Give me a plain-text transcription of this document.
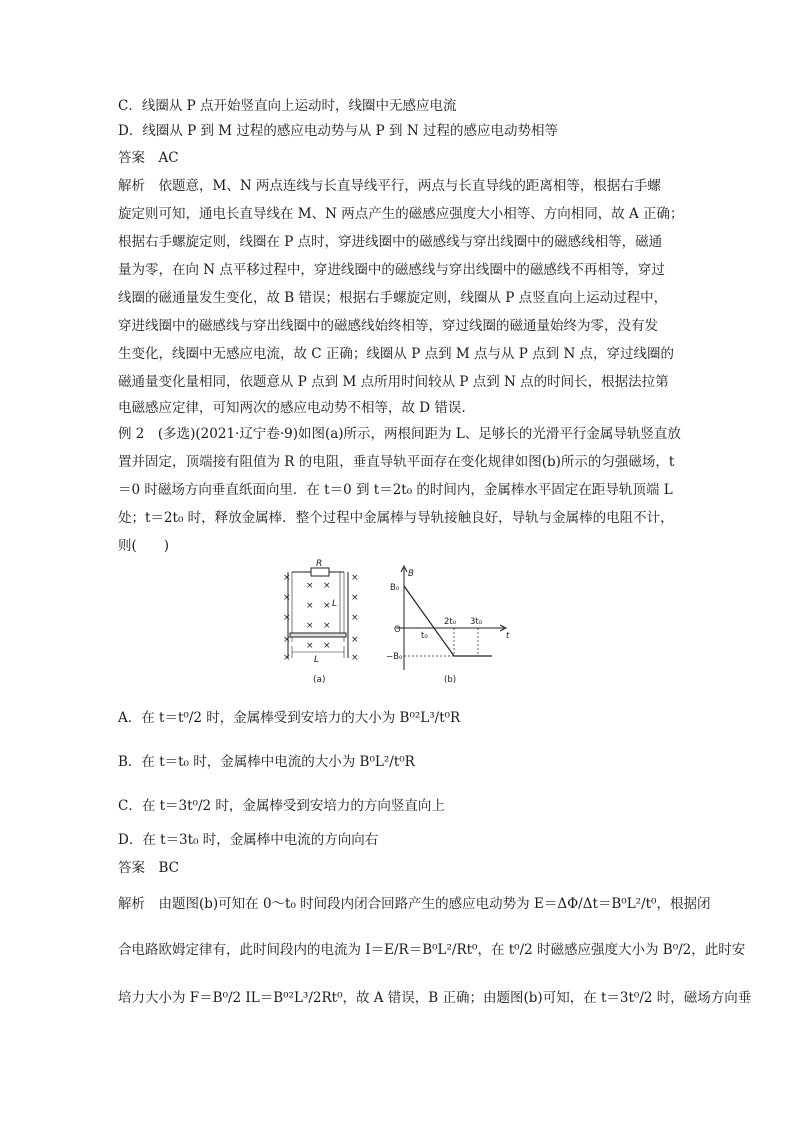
C．线圈从 P 点开始竖直向上运动时，线圈中无感应电流
D．线圈从 P 到 M 过程的感应电动势与从 P 到 N 过程的感应电动势相等
答案　AC
解析　依题意，M、N 两点连线与长直导线平行，两点与长直导线的距离相等，根据右手螺
旋定则可知，通电长直导线在 M、N 两点产生的磁感应强度大小相等、方向相同，故 A 正确；
根据右手螺旋定则，线圈在 P 点时，穿进线圈中的磁感线与穿出线圈中的磁感线相等，磁通
量为零，在向 N 点平移过程中，穿进线圈中的磁感线与穿出线圈中的磁感线不再相等，穿过
线圈的磁通量发生变化，故 B 错误；根据右手螺旋定则，线圈从 P 点竖直向上运动过程中，
穿进线圈中的磁感线与穿出线圈中的磁感线始终相等，穿过线圈的磁通量始终为零，没有发
生变化，线圈中无感应电流，故 C 正确；线圈从 P 点到 M 点与从 P 点到 N 点，穿过线圈的
磁通量变化量相同，依题意从 P 点到 M 点所用时间较从 P 点到 N 点的时间长，根据法拉第
电磁感应定律，可知两次的感应电动势不相等，故 D 错误.
例 2　(多选)(2021·辽宁卷·9)如图(a)所示，两根间距为 L、足够长的光滑平行金属导轨竖直放
置并固定，顶端接有阻值为 R 的电阻，垂直导轨平面存在变化规律如图(b)所示的匀强磁场，t
＝0 时磁场方向垂直纸面向里．在 t＝0 到 t＝2t₀ 的时间内，金属棒水平固定在距导轨顶端 L
处；t＝2t₀ 时，释放金属棒．整个过程中金属棒与导轨接触良好，导轨与金属棒的电阻不计，
则(　　)
×
×
×
×
×
× ×
× ×
× ×
× ×
×
×
×
×
×
R
L
L
(a)
B
t
B₀
−B₀
O
t₀
2t₀ 3t₀
(b)
A．在 t＝t⁰/2 时，金属棒受到安培力的大小为 B⁰²L³/t⁰R
B．在 t＝t₀ 时，金属棒中电流的大小为 B⁰L²/t⁰R
C．在 t＝3t⁰/2 时，金属棒受到安培力的方向竖直向上
D．在 t＝3t₀ 时，金属棒中电流的方向向右
答案　BC
解析　由题图(b)可知在 0～t₀ 时间段内闭合回路产生的感应电动势为 E＝ΔΦ/Δt＝B⁰L²/t⁰，根据闭
合电路欧姆定律有，此时间段内的电流为 I＝E/R＝B⁰L²/Rt⁰，在 t⁰/2 时磁感应强度大小为 B⁰/2，此时安
培力大小为 F＝B⁰/2 IL＝B⁰²L³/2Rt⁰，故 A 错误，B 正确；由题图(b)可知，在 t＝3t⁰/2 时，磁场方向垂
